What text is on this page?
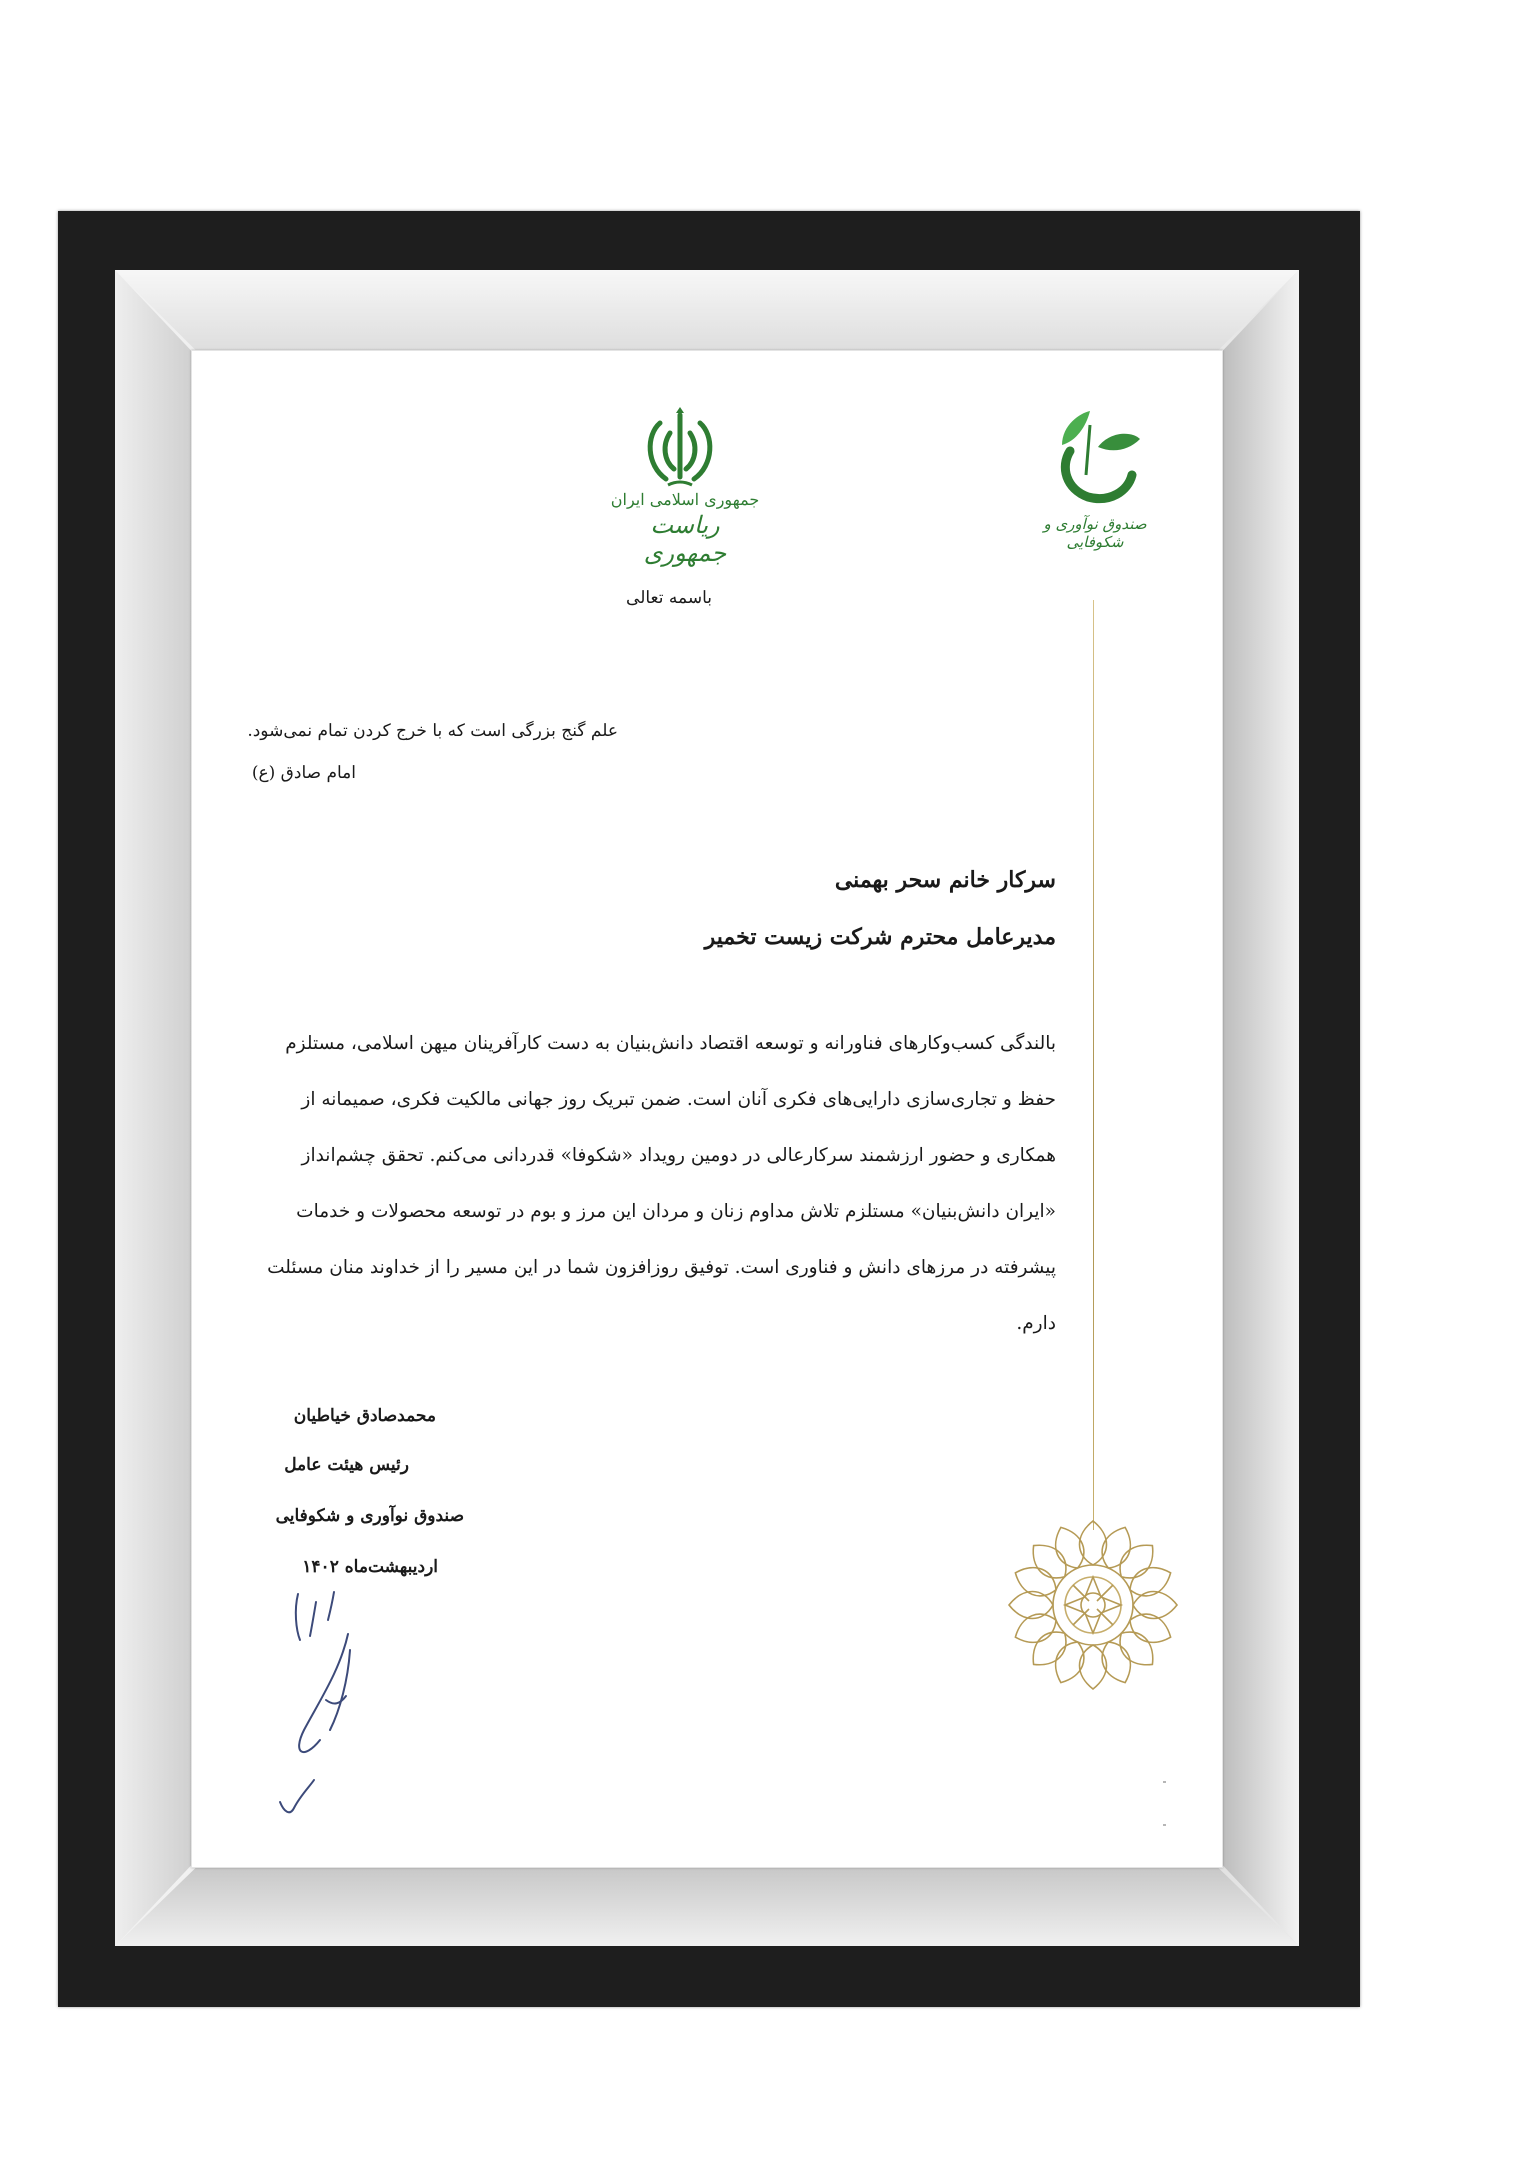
جمهوری اسلامی ایران
ریاست جمهوری
صندوق نوآوری و شکوفایی
باسمه تعالی
علم گنج بزرگی است که با خرج کردن تمام نمی‌شود.
امام صادق (ع)
سرکار خانم سحر بهمنی
مدیرعامل محترم شرکت زیست تخمیر
بالندگی کسب‌وکارهای فناورانه و توسعه اقتصاد دانش‌بنیان به دست کارآفرینان میهن اسلامی، مستلزم
حفظ و تجاری‌سازی دارایی‌های فکری آنان است. ضمن تبریک روز جهانی مالکیت فکری، صمیمانه از
همکاری و حضور ارزشمند سرکارعالی در دومین رویداد «شکوفا» قدردانی می‌کنم. تحقق چشم‌انداز
«ایران دانش‌بنیان» مستلزم تلاش مداوم زنان و مردان این مرز و بوم در توسعه محصولات و خدمات
پیشرفته در مرزهای دانش و فناوری است. توفیق روزافزون شما در این مسیر را از خداوند منان مسئلت
دارم.
محمدصادق خیاطیان
رئیس هیئت عامل
صندوق نوآوری و شکوفایی
اردیبهشت‌ماه ۱۴۰۲
